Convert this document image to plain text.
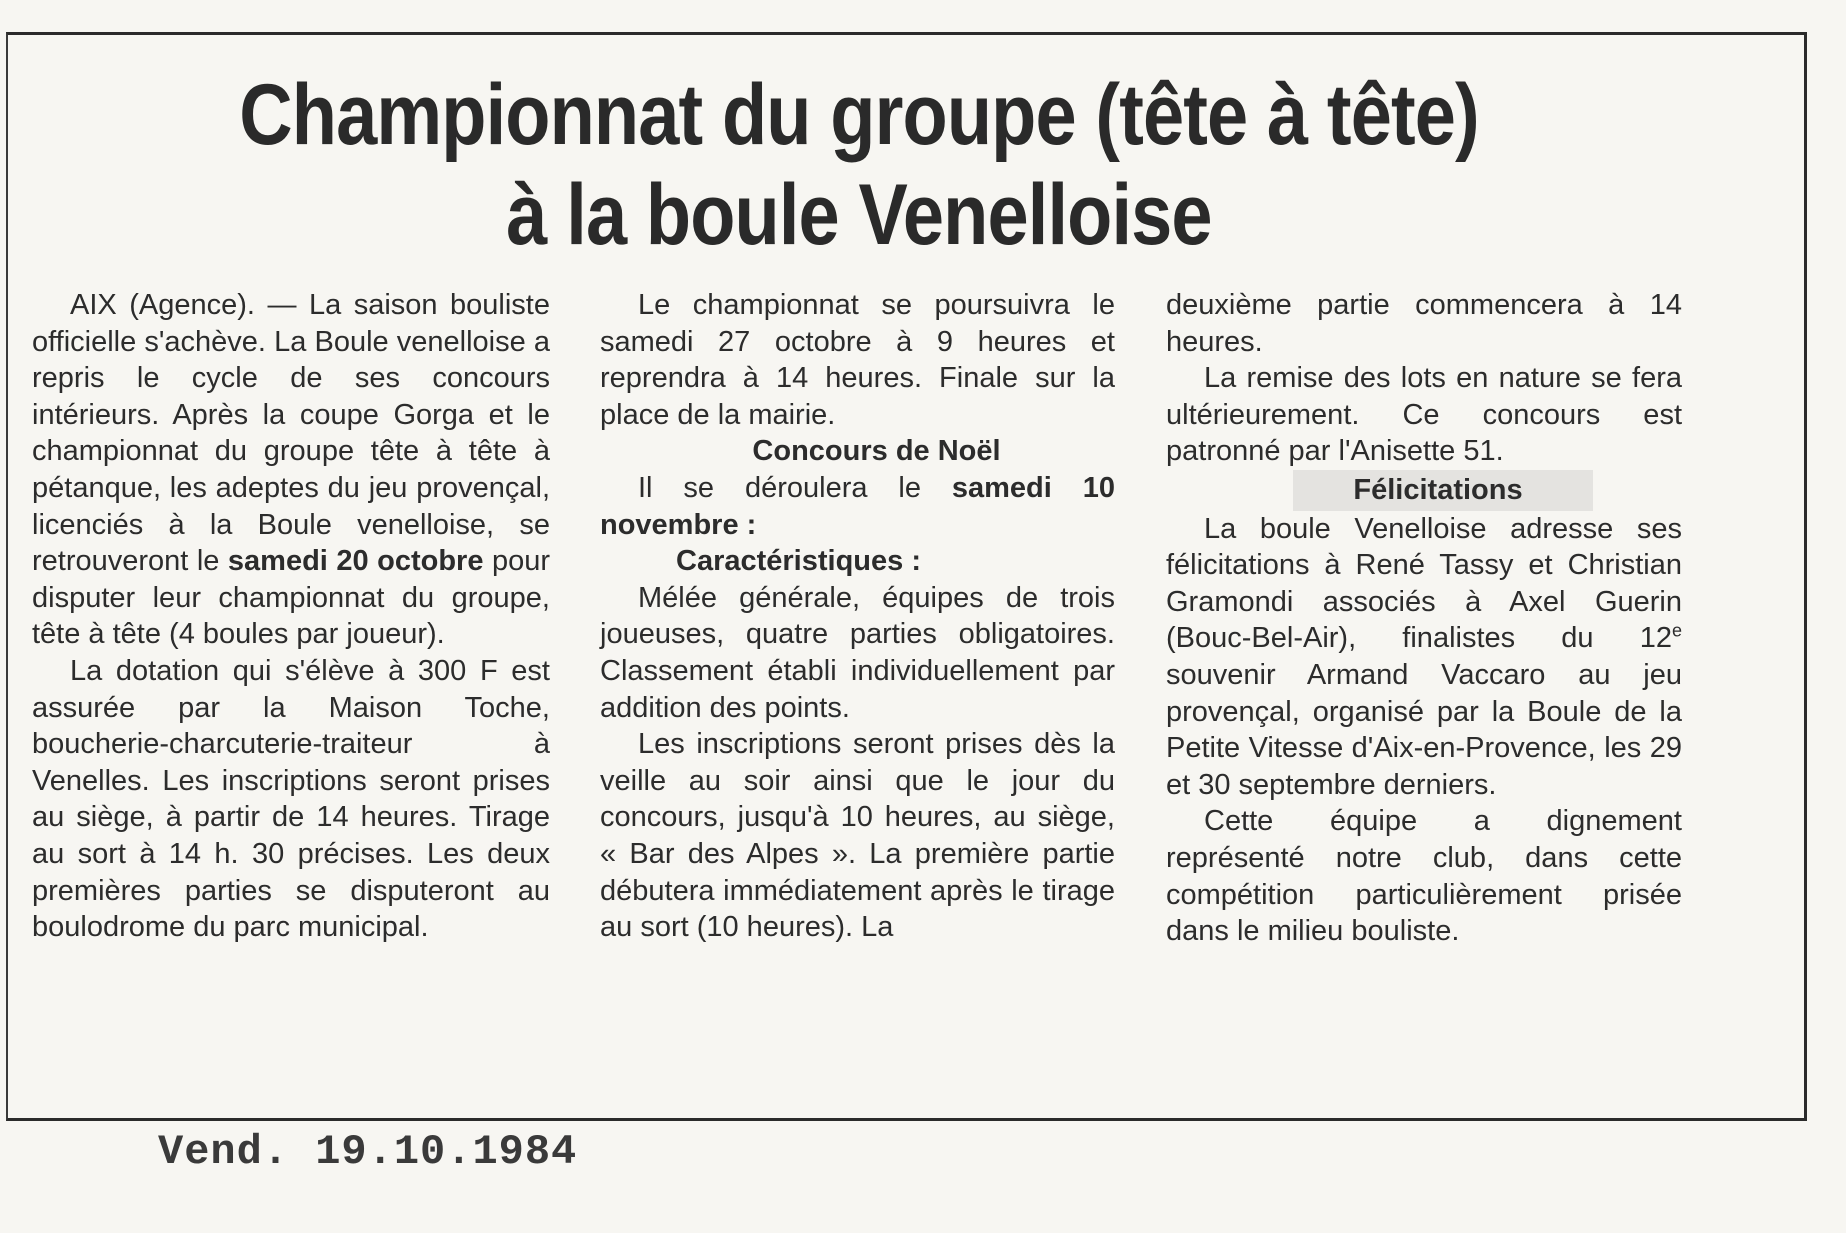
Championnat du groupe (tête à tête)
à la boule Venelloise

AIX (Agence). — La saison bouliste officielle s'achève. La Boule venelloise a repris le cycle de ses concours intérieurs. Après la coupe Gorga et le championnat du groupe tête à tête à pétanque, les adeptes du jeu provençal, licenciés à la Boule venelloise, se retrouveront le samedi 20 octobre pour disputer leur championnat du groupe, tête à tête (4 boules par joueur).

La dotation qui s'élève à 300 F est assurée par la Maison Toche, boucherie-charcuterie-traiteur à Venelles. Les inscriptions seront prises au siège, à partir de 14 heures. Tirage au sort à 14 h. 30 précises. Les deux premières parties se disputeront au boulodrome du parc municipal.

Le championnat se poursuivra le samedi 27 octobre à 9 heures et reprendra à 14 heures. Finale sur la place de la mairie.

Concours de Noël

Il se déroulera le samedi 10 novembre :

Caractéristiques :

Mélée générale, équipes de trois joueuses, quatre parties obligatoires. Classement établi individuellement par addition des points.

Les inscriptions seront prises dès la veille au soir ainsi que le jour du concours, jusqu'à 10 heures, au siège, « Bar des Alpes ». La première partie débutera immédiatement après le tirage au sort (10 heures). La

deuxième partie commencera à 14 heures.

La remise des lots en nature se fera ultérieurement. Ce concours est patronné par l'Anisette 51.

Félicitations

La boule Venelloise adresse ses félicitations à René Tassy et Christian Gramondi associés à Axel Guerin (Bouc-Bel-Air), finalistes du 12e souvenir Armand Vaccaro au jeu provençal, organisé par la Boule de la Petite Vitesse d'Aix-en-Provence, les 29 et 30 septembre derniers.

Cette équipe a dignement représenté notre club, dans cette compétition particulièrement prisée dans le milieu bouliste.

Vend. 19.10.1984
